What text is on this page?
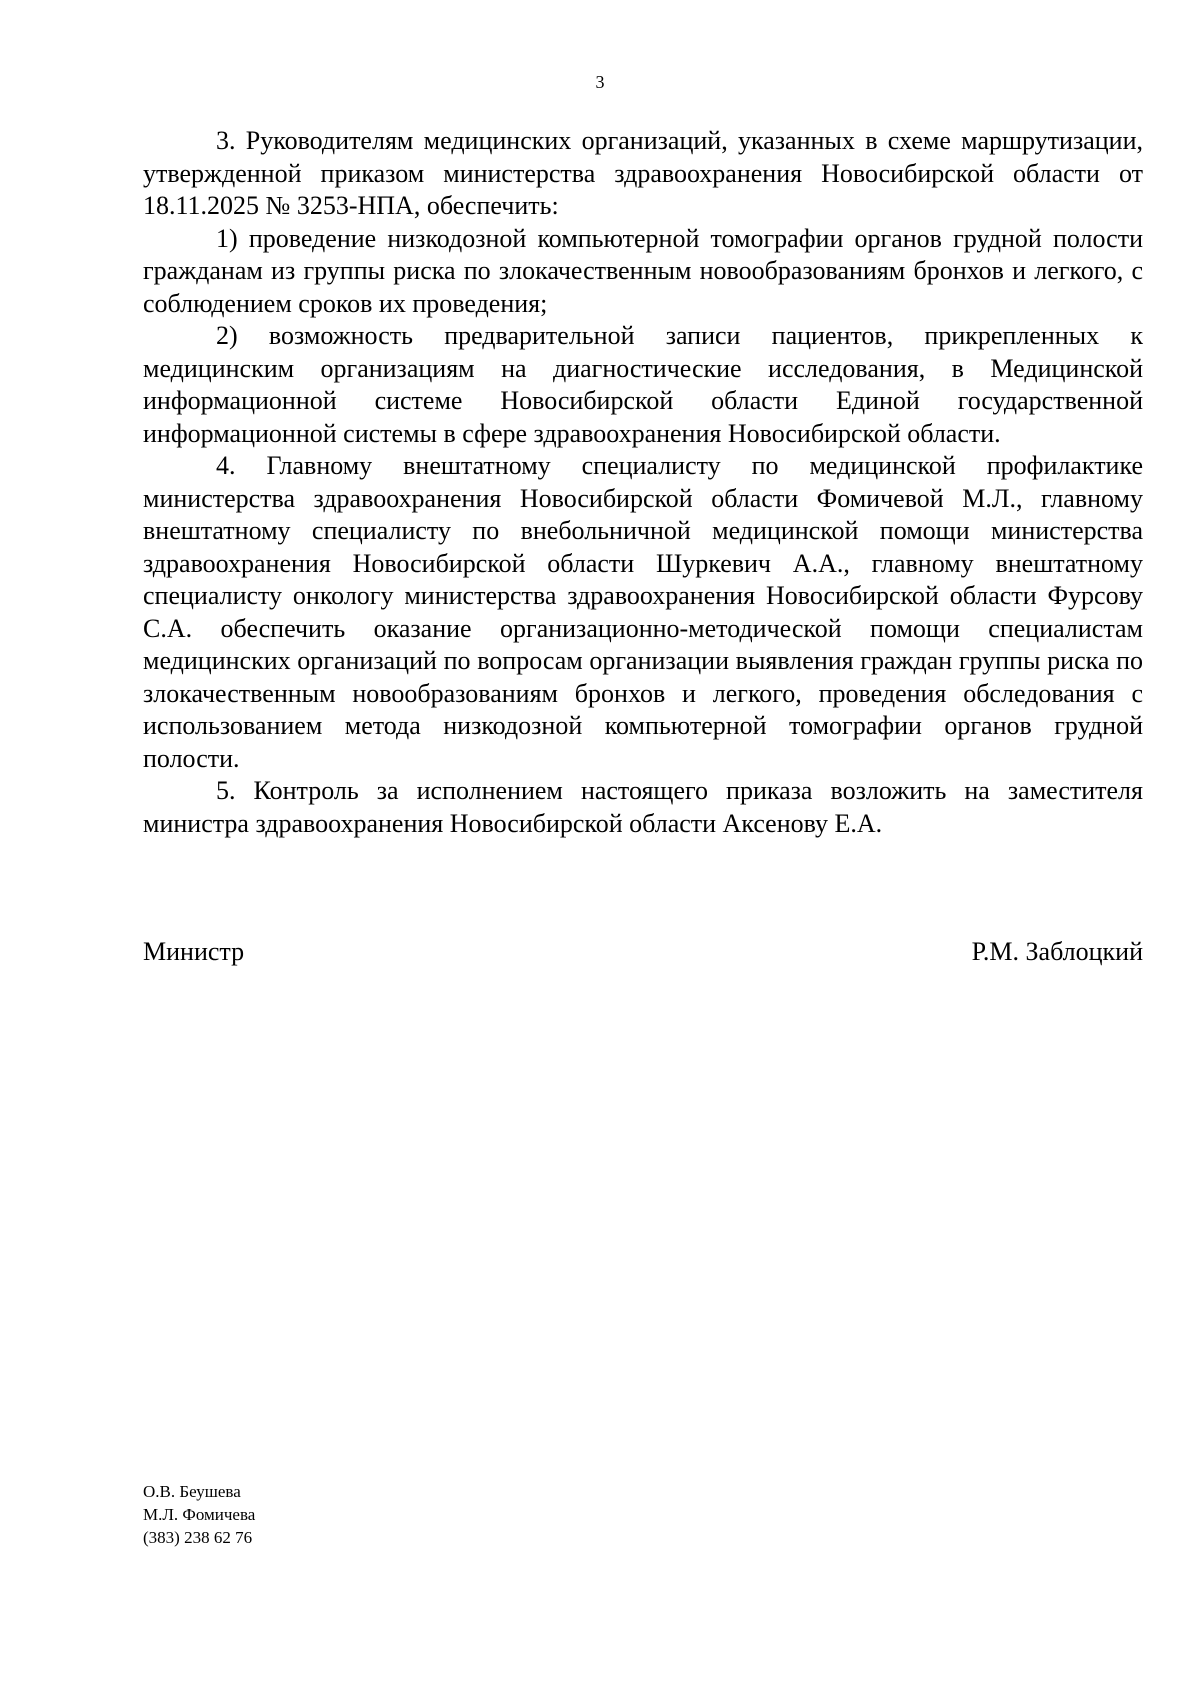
3

3. Руководителям медицинских организаций, указанных в схеме маршрутизации, утвержденной приказом министерства здравоохранения Новосибирской области от 18.11.2025 № 3253-НПА, обеспечить:

1) проведение низкодозной компьютерной томографии органов грудной полости гражданам из группы риска по злокачественным новообразованиям бронхов и легкого, с соблюдением сроков их проведения;

2) возможность предварительной записи пациентов, прикрепленных к медицинским организациям на диагностические исследования, в Медицинской информационной системе Новосибирской области Единой государственной информационной системы в сфере здравоохранения Новосибирской области.

4. Главному внештатному специалисту по медицинской профилактике министерства здравоохранения Новосибирской области Фомичевой М.Л., главному внештатному специалисту по внебольничной медицинской помощи министерства здравоохранения Новосибирской области Шуркевич А.А., главному внештатному специалисту онкологу министерства здравоохранения Новосибирской области Фурсову С.А. обеспечить оказание организационно-методической помощи специалистам медицинских организаций по вопросам организации выявления граждан группы риска по злокачественным новообразованиям бронхов и легкого, проведения обследования с использованием метода низкодозной компьютерной томографии органов грудной полости.

5. Контроль за исполнением настоящего приказа возложить на заместителя министра здравоохранения Новосибирской области Аксенову Е.А.

Министр	Р.М. Заблоцкий
О.В. Беушева
М.Л. Фомичева
(383) 238 62 76
